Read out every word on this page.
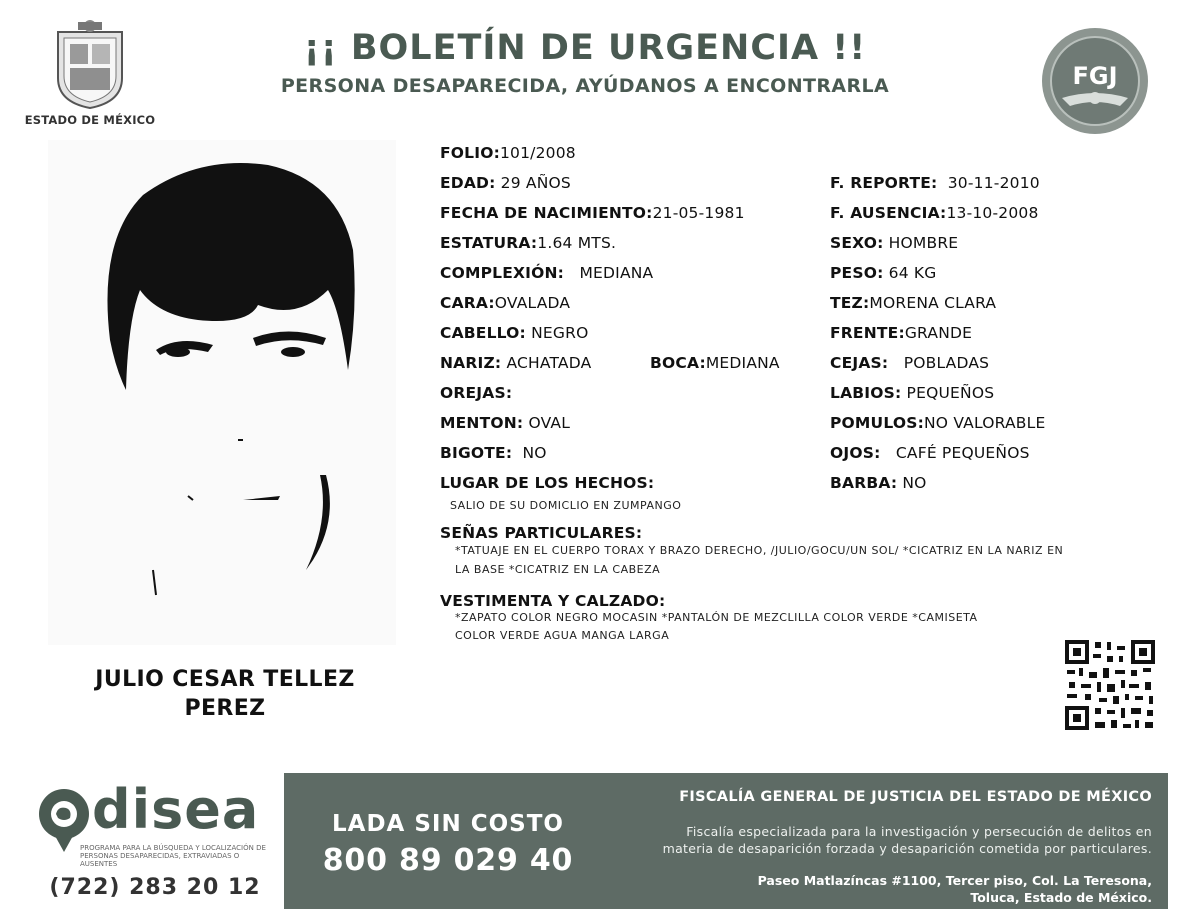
ESTADO DE MÉXICO
¡¡ BOLETÍN DE URGENCIA !!
PERSONA DESAPARECIDA, AYÚDANOS A ENCONTRARLA	FGJ
JULIO CESAR TELLEZ
PEREZ
FOLIO:101/2008
EDAD: 29 AÑOS
FECHA DE NACIMIENTO:21-05-1981
ESTATURA:1.64 MTS.
COMPLEXIÓN: MEDIANA
CARA:OVALADA
CABELLO: NEGRO
NARIZ: ACHATADA	BOCA:MEDIANA
OREJAS:
MENTON: OVAL
BIGOTE: NO
F. REPORTE: 30-11-2010
F. AUSENCIA:13-10-2008
SEXO: HOMBRE
PESO: 64 KG
TEZ:MORENA CLARA
FRENTE:GRANDE
CEJAS: POBLADAS
LABIOS: PEQUEÑOS
POMULOS:NO VALORABLE
OJOS: CAFÉ PEQUEÑOS
BARBA: NO
LUGAR DE LOS HECHOS:
SALIO DE SU DOMICLIO EN ZUMPANGO
SEÑAS PARTICULARES:
*TATUAJE EN EL CUERPO TORAX Y BRAZO DERECHO, /JULIO/GOCU/UN SOL/ *CICATRIZ EN LA NARIZ EN
LA BASE *CICATRIZ EN LA CABEZA
VESTIMENTA Y CALZADO:
*ZAPATO COLOR NEGRO MOCASIN *PANTALÓN DE MEZCLILLA COLOR VERDE *CAMISETA
COLOR VERDE AGUA MANGA LARGA
disea
PROGRAMA PARA LA BÚSQUEDA Y LOCALIZACIÓN DE PERSONAS DESAPARECIDAS, EXTRAVIADAS O AUSENTES
(722) 283 20 12
LADA SIN COSTO
800 89 029 40
FISCALÍA GENERAL DE JUSTICIA DEL ESTADO DE MÉXICO
Fiscalía especializada para la investigación y persecución de delitos en
materia de desaparición forzada y desaparición cometida por particulares.
Paseo Matlazíncas #1100, Tercer piso, Col. La Teresona,
Toluca, Estado de México.
